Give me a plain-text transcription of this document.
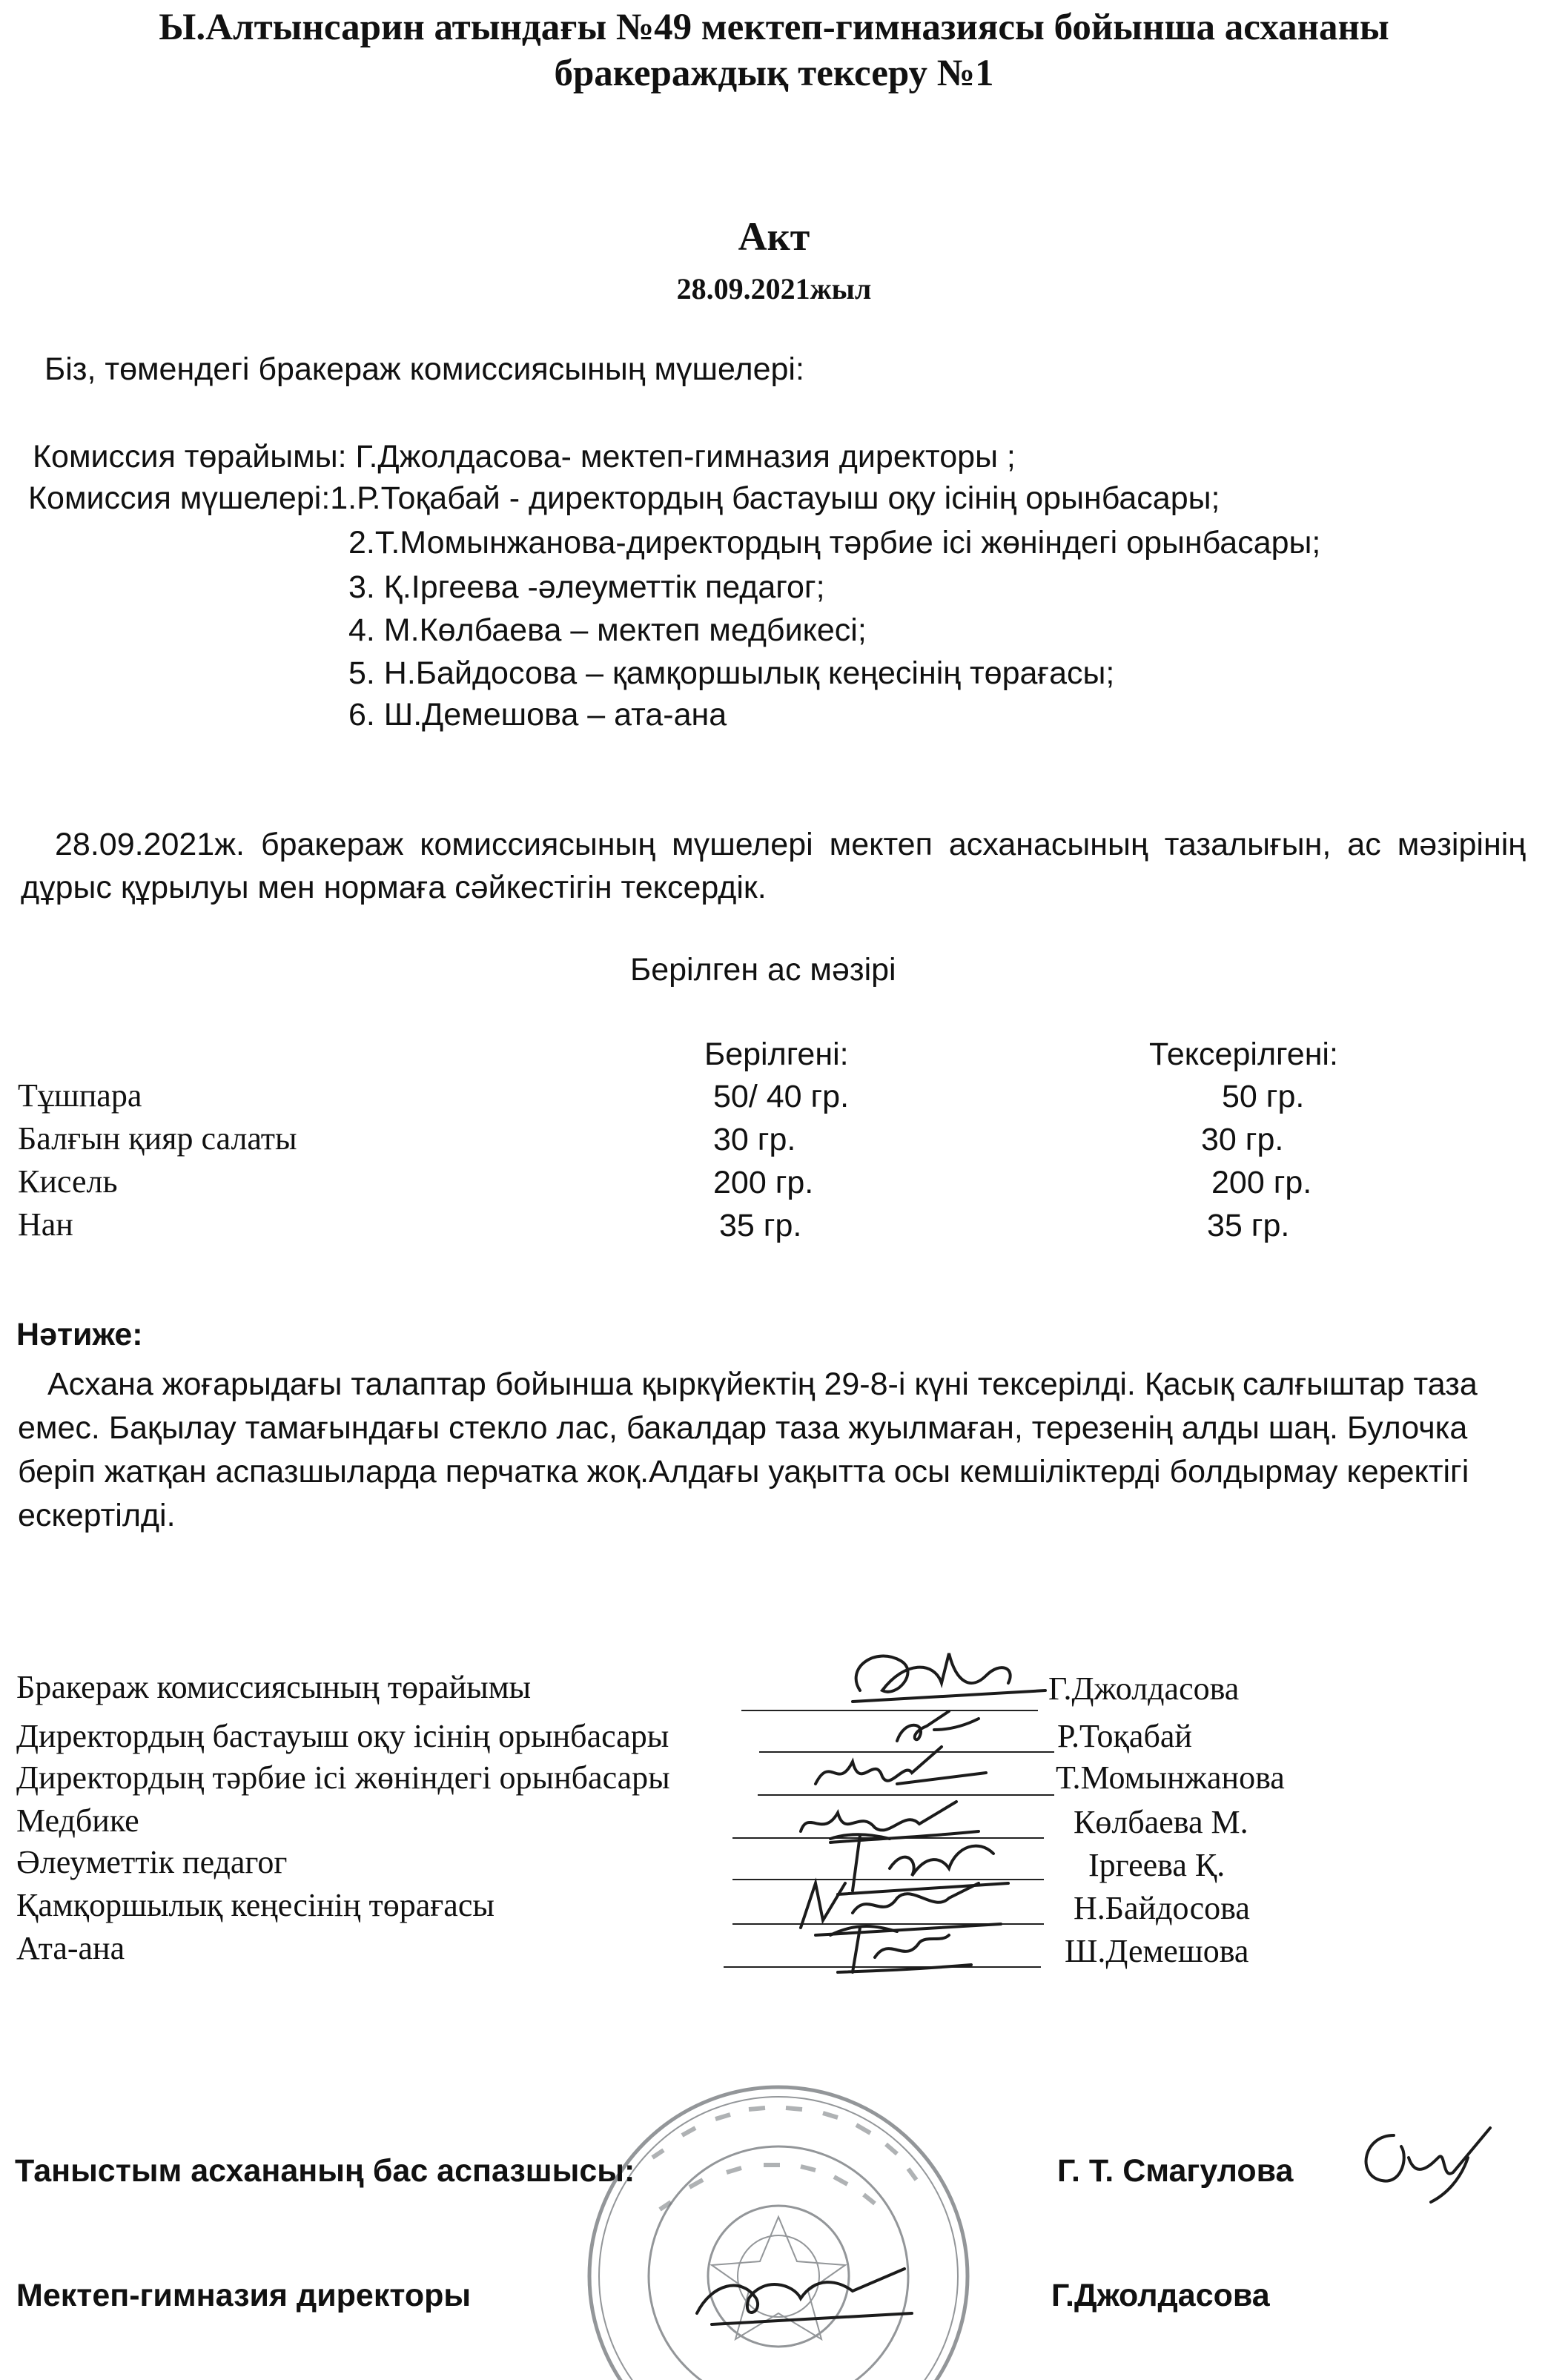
Ы.Алтынсарин атындағы №49 мектеп-гимназиясы бойынша асхананы
бракераждық тексеру №1
Акт
28.09.2021жыл
Біз, төмендегі бракераж комиссиясының мүшелері:
Комиссия төрайымы: Г.Джолдасова- мектеп-гимназия директоры ;
Комиссия мүшелері:1.Р.Тоқабай - директордың бастауыш оқу ісінің орынбасары;
2.Т.Момынжанова-директордың тәрбие ісі жөніндегі орынбасары;
3. Қ.Іргеева -әлеуметтік педагог;
4. М.Көлбаева – мектеп медбикесі;
5. Н.Байдосова – қамқоршылық кеңесінің төрағасы;
6. Ш.Демешова – ата-ана
28.09.2021ж. бракераж комиссиясының мүшелері мектеп асханасының тазалығын, ас мәзірінің дұрыс құрылуы мен нормаға сәйкестігін тексердік.
Берілген ас мәзірі
Берілгені:	Тексерілгені:
Тұшпара	50/ 40 гр.	50 гр.
Балғын қияр салаты	30 гр.	30 гр.
Кисель	200 гр.	200 гр.
Нан	35 гр.	35 гр.
Нәтиже:
Асхана жоғарыдағы талаптар бойынша қыркүйектің 29-8-і күні тексерілді. Қасық салғыштар таза емес. Бақылау тамағындағы стекло лас, бакалдар таза жуылмаған, терезенің алды шаң. Булочка беріп жатқан аспазшыларда перчатка жоқ.Алдағы уақытта осы кемшіліктерді болдырмау керектігі ескертілді.
Бракераж комиссиясының төрайымы	Г.Джолдасова
Директордың бастауыш оқу ісінің орынбасары	Р.Тоқабай
Директордың тәрбие ісі жөніндегі орынбасары	Т.Момынжанова
Медбике	Көлбаева М.
Әлеуметтік педагог	Іргеева Қ.
Қамқоршылық кеңесінің төрағасы	Н.Байдосова
Ата-ана	Ш.Демешова
Таныстым асхананың бас аспазшысы:	Г. Т. Смагулова
Мектеп-гимназия директоры	Г.Джолдасова
